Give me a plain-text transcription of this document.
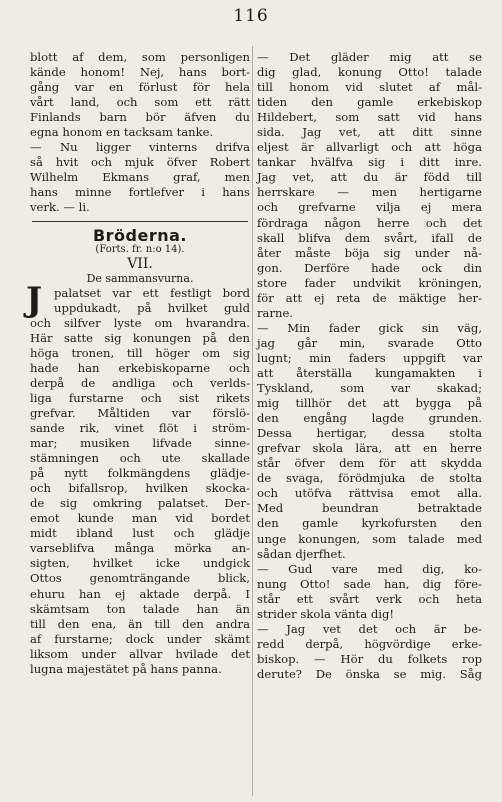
116
blott af dem, som personligen
kände honom! Nej, hans bort-
gång var en förlust för hela
vårt land, och som ett rätt
Finlands barn bör äfven du
egna honom en tacksam tanke.
— Nu ligger vinterns drifva
så hvit och mjuk öfver Robert
Wilhelm Ekmans graf, men
hans minne fortlefver i hans
verk. — li.
Bröderna.
(Forts. fr. n:o 14).
VII.
De sammansvurna.
J palatset var ett festligt bord
uppdukadt, på hvilket guld
och silfver lyste om hvarandra.
Här satte sig konungen på den
höga tronen, till höger om sig
hade han erkebiskoparne och
derpå de andliga och verlds-
liga furstarne och sist rikets
grefvar. Måltiden var förslö-
sande rik, vinet flöt i ström-
mar; musiken lifvade sinne-
stämningen och ute skallade
på nytt folkmängdens glädje-
och bifallsrop, hvilken skocka-
de sig omkring palatset. Der-
emot kunde man vid bordet
midt ibland lust och glädje
varseblifva många mörka an-
sigten, hvilket icke undgick
Ottos genomträngande blick,
ehuru han ej aktade derpå. I
skämtsam ton talade han än
till den ena, än till den andra
af furstarne; dock under skämt
liksom under allvar hvilade det
lugna majestätet på hans panna.
— Det gläder mig att se
dig glad, konung Otto! talade
till honom vid slutet af mål-
tiden den gamle erkebiskop
Hildebert, som satt vid hans
sida. Jag vet, att ditt sinne
eljest är allvarligt och att höga
tankar hvälfva sig i ditt inre.
Jag vet, att du är född till
herrskare — men hertigarne
och grefvarne vilja ej mera
fördraga någon herre och det
skall blifva dem svårt, ifall de
åter måste böja sig under nå-
gon. Derföre hade ock din
store fader undvikit kröningen,
för att ej reta de mäktige her-
rarne.
— Min fader gick sin väg,
jag går min, svarade Otto
lugnt; min faders uppgift var
att återställa kungamakten i
Tyskland, som var skakad;
mig tillhör det att bygga på
den engång lagde grunden.
Dessa hertigar, dessa stolta
grefvar skola lära, att en herre
står öfver dem för att skydda
de svaga, förödmjuka de stolta
och utöfva rättvisa emot alla.
Med beundran betraktade
den gamle kyrkofursten den
unge konungen, som talade med
sådan djerfhet.
— Gud vare med dig, ko-
nung Otto! sade han, dig före-
står ett svårt verk och heta
strider skola vänta dig!
— Jag vet det och är be-
redd derpå, högvördige erke-
biskop. — Hör du folkets rop
derute? De önska se mig. Såg
